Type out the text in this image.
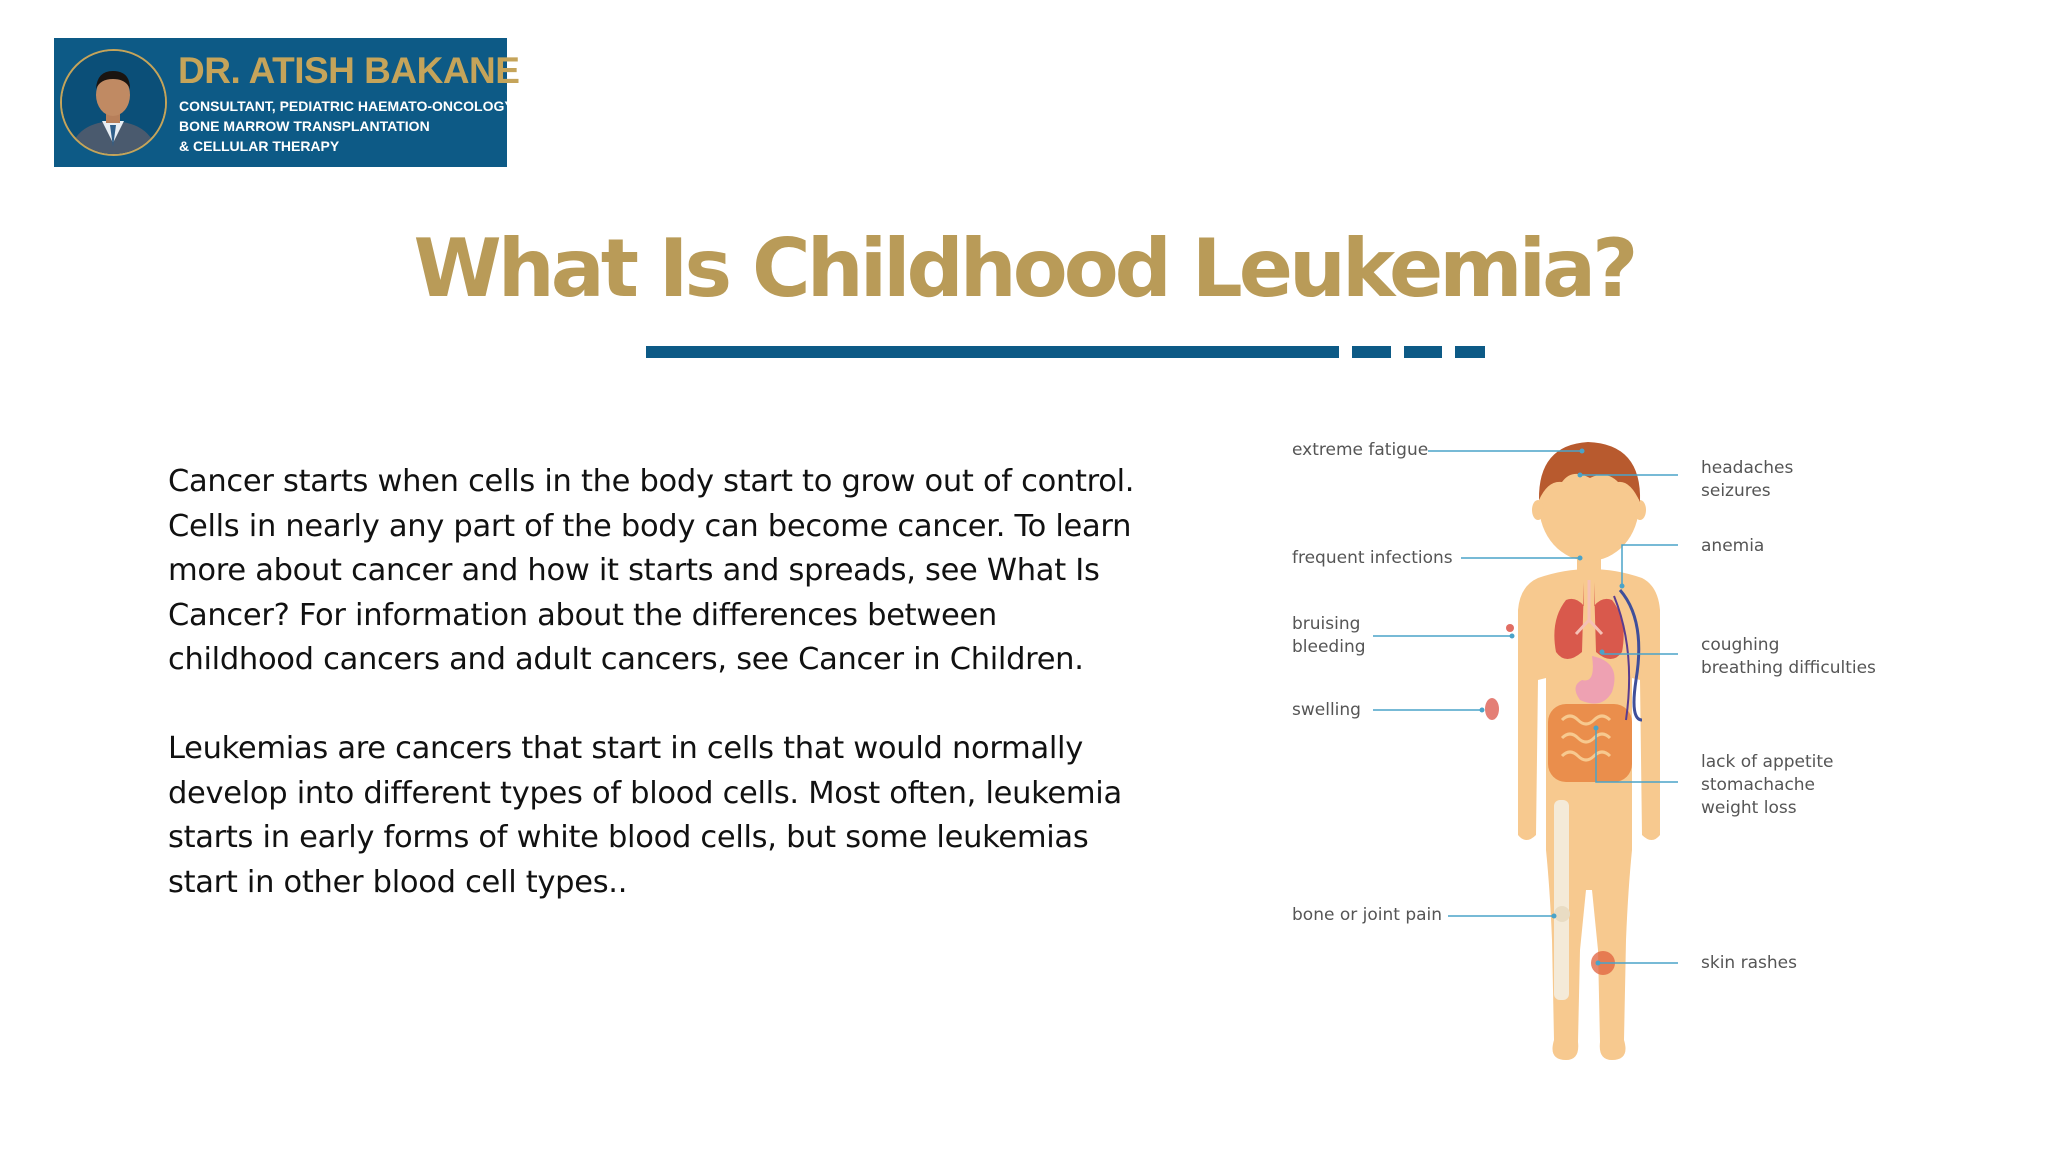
DR. ATISH BAKANE
CONSULTANT, PEDIATRIC HAEMATO-ONCOLOGY,
BONE MARROW TRANSPLANTATION
& CELLULAR THERAPY
What Is Childhood Leukemia?
Cancer starts when cells in the body start to grow out of control.
Cells in nearly any part of the body can become cancer. To learn
more about cancer and how it starts and spreads, see What Is
Cancer? For information about the differences between
childhood cancers and adult cancers, see Cancer in Children.
Leukemias are cancers that start in cells that would normally
develop into different types of blood cells. Most often, leukemia
starts in early forms of white blood cells, but some leukemias
start in other blood cell types..
extreme fatigue
frequent infections
bruising
bleeding
swelling
bone or joint pain
headaches
seizures
anemia
coughing
breathing difficulties
lack of appetite
stomachache
weight loss
skin rashes
